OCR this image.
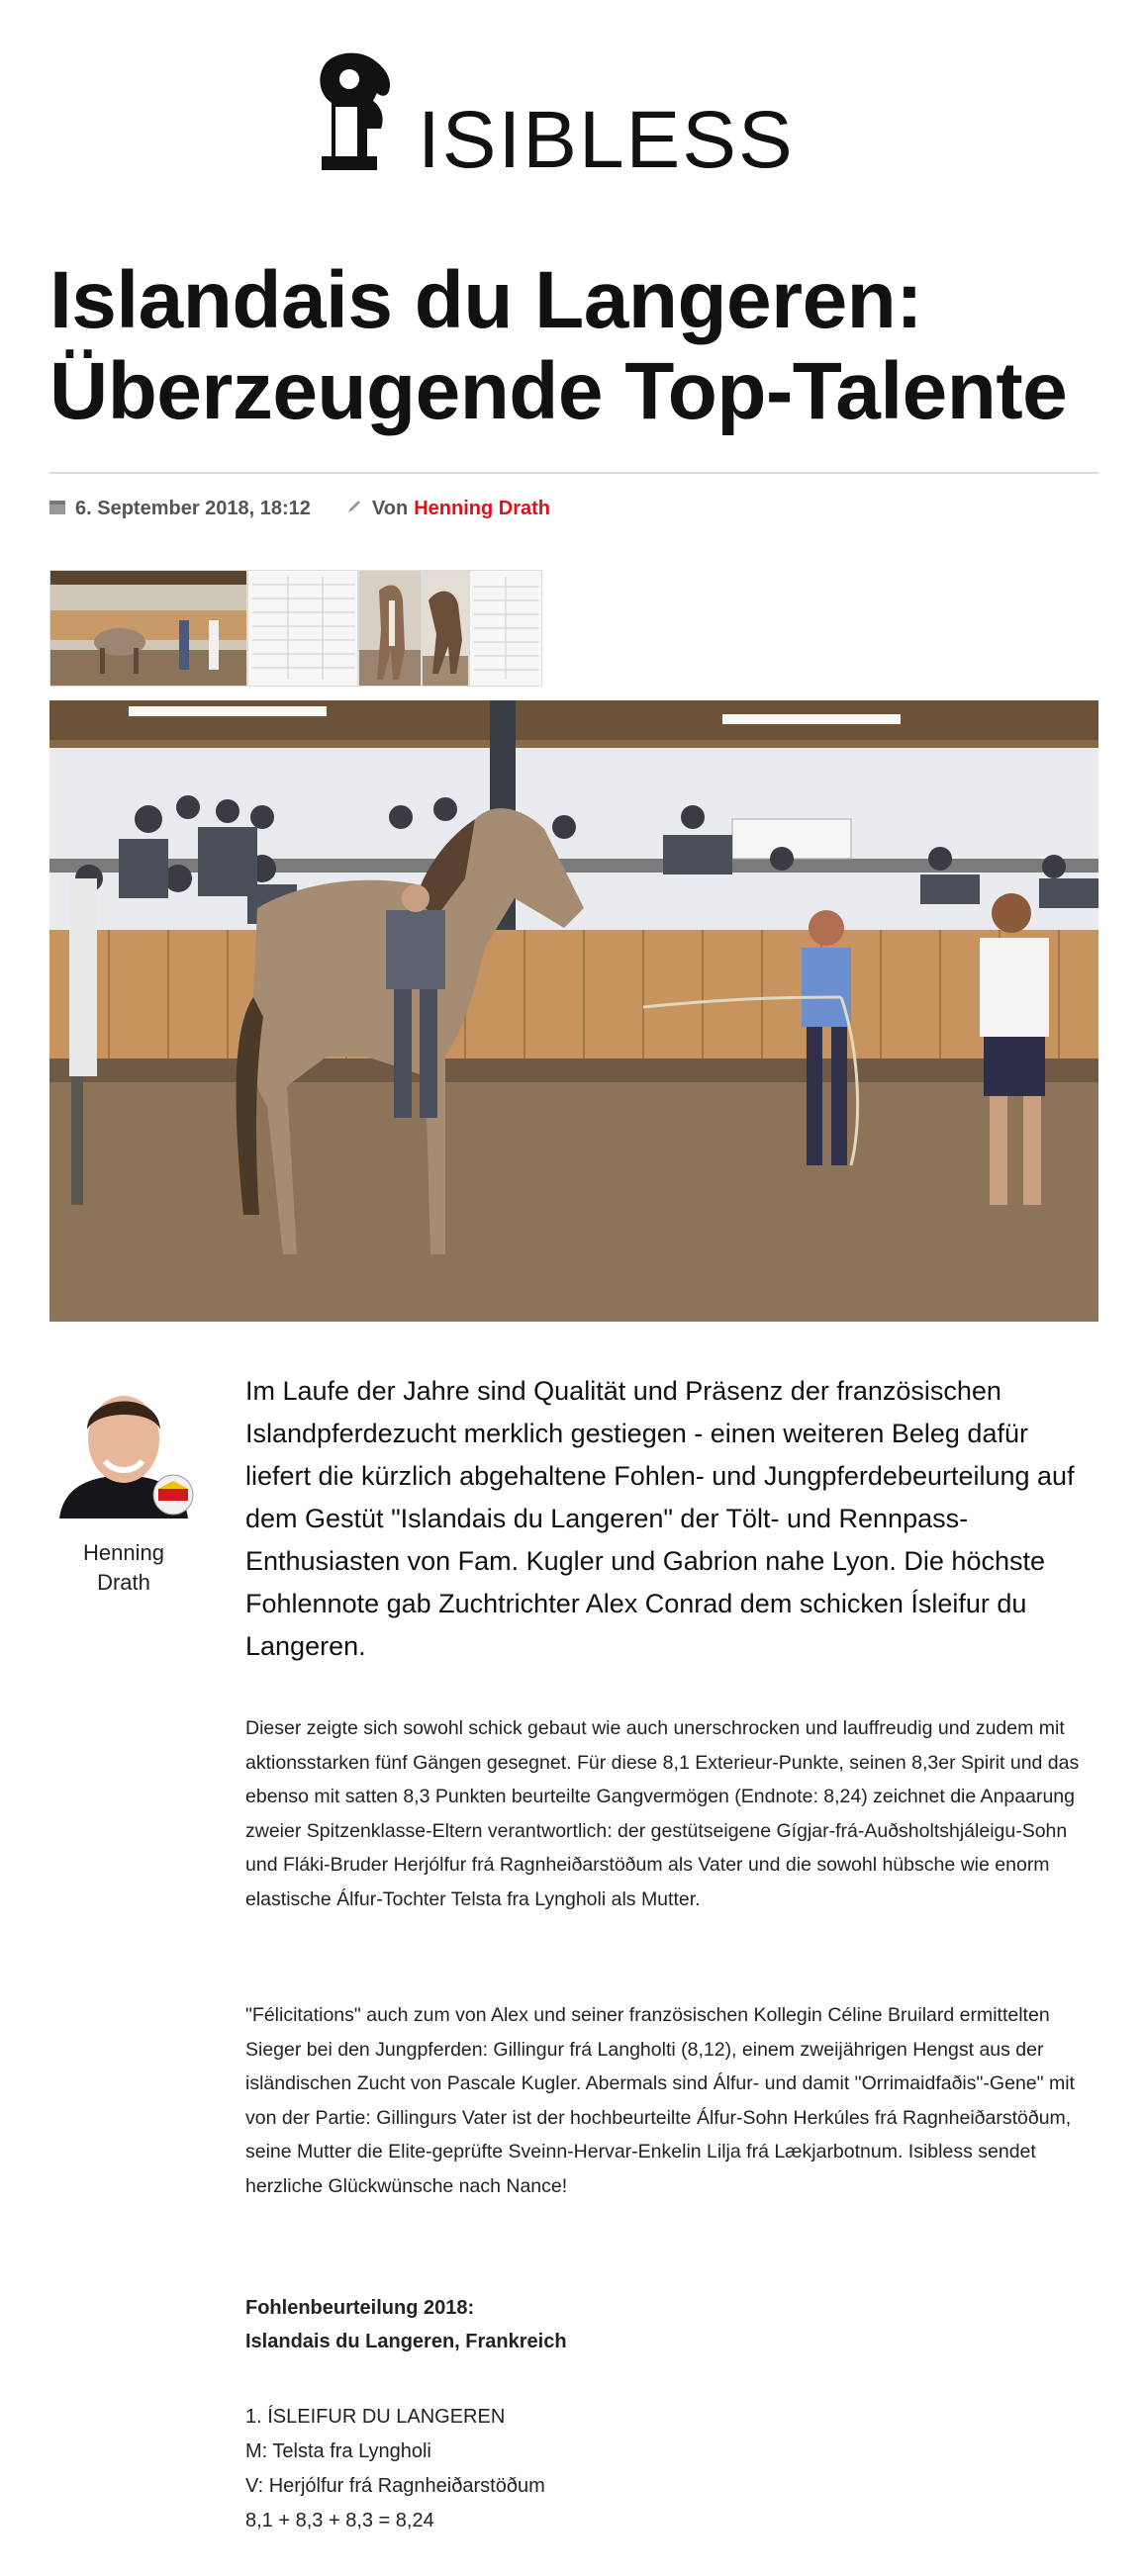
ISIBLESS
Islandais du Langeren:
Überzeugende Top-Talente
6. September 2018, 18:12	Von Henning Drath
Henning
Drath

Im Laufe der Jahre sind Qualität und Präsenz der französischen Islandpferdezucht merklich gestiegen - einen weiteren Beleg dafür liefert die kürzlich abgehaltene Fohlen- und Jungpferdebeurteilung auf dem Gestüt "Islandais du Langeren" der Tölt- und Rennpass-Enthusiasten von Fam. Kugler und Gabrion nahe Lyon. Die höchste Fohlennote gab Zuchtrichter Alex Conrad dem schicken Ísleifur du Langeren.

Dieser zeigte sich sowohl schick gebaut wie auch unerschrocken und lauffreudig und zudem mit aktionsstarken fünf Gängen gesegnet. Für diese 8,1 Exterieur-Punkte, seinen 8,3er Spirit und das ebenso mit satten 8,3 Punkten beurteilte Gangvermögen (Endnote: 8,24) zeichnet die Anpaarung zweier Spitzenklasse-Eltern verantwortlich: der gestütseigene Gígjar-frá-Auðsholtshjáleigu-Sohn und Fláki-Bruder Herjólfur frá Ragnheiðarstöðum als Vater und die sowohl hübsche wie enorm elastische Álfur-Tochter Telsta fra Lyngholi als Mutter.

"Félicitations" auch zum von Alex und seiner französischen Kollegin Céline Bruilard ermittelten Sieger bei den Jungpferden: Gillingur frá Langholti (8,12), einem zweijährigen Hengst aus der isländischen Zucht von Pascale Kugler. Abermals sind Álfur- und damit "Orrimaidfaðis"-Gene" mit von der Partie: Gillingurs Vater ist der hochbeurteilte Álfur-Sohn Herkúles frá Ragnheiðarstöðum, seine Mutter die Elite-geprüfte Sveinn-Hervar-Enkelin Lilja frá Lækjarbotnum. Isibless sendet herzliche Glückwünsche nach Nance!

Fohlenbeurteilung 2018:
Islandais du Langeren, Frankreich

1. ÍSLEIFUR DU LANGEREN
M: Telsta fra Lyngholi
V: Herjólfur frá Ragnheiðarstöðum
8,1 + 8,3 + 8,3 = 8,24
